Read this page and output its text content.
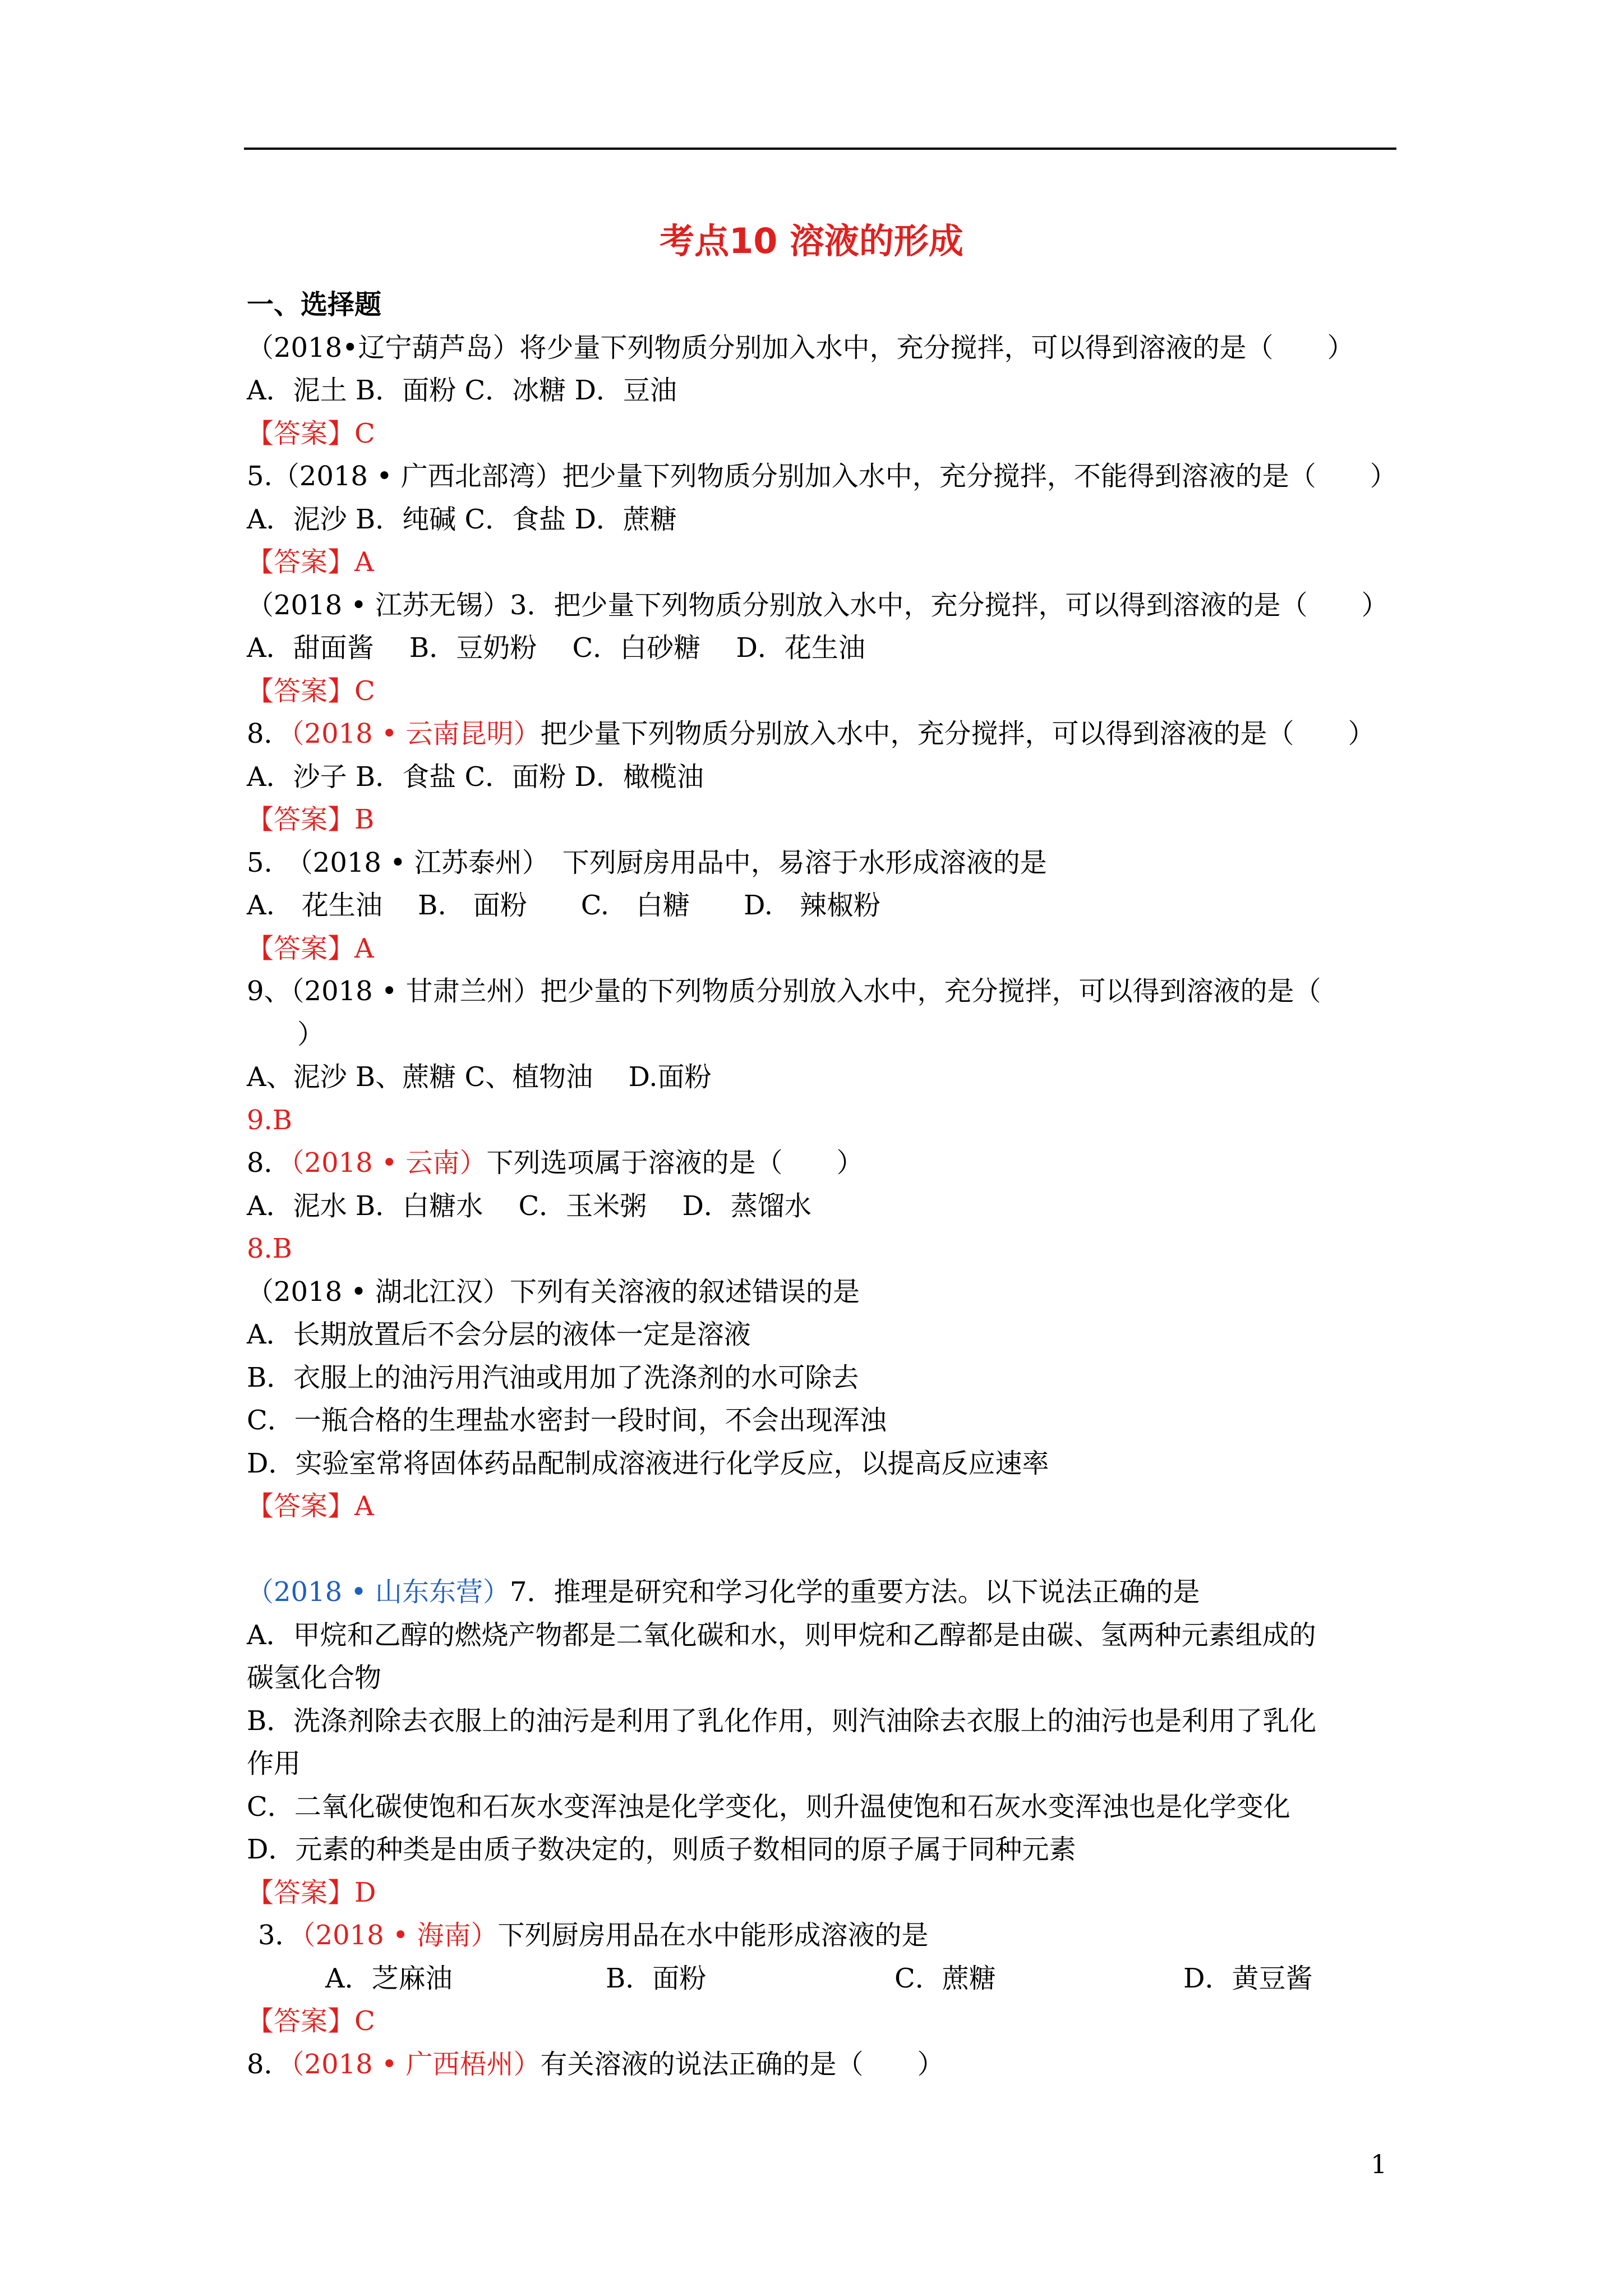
考点10 溶液的形成
一、选择题
（2018•辽宁葫芦岛）将少量下列物质分别加入水中，充分搅拌，可以得到溶液的是（　　）
A．泥土 B．面粉 C．冰糖 D．豆油
【答案】C
5.（2018 • 广西北部湾）把少量下列物质分别加入水中，充分搅拌，不能得到溶液的是（　　）
A．泥沙 B．纯碱 C．食盐 D．蔗糖
【答案】A
（2018 • 江苏无锡）3．把少量下列物质分别放入水中，充分搅拌，可以得到溶液的是（　　）
A．甜面酱　 B．豆奶粉　 C．白砂糖　 D．花生油
【答案】C
8．（2018 • 云南昆明）把少量下列物质分别放入水中，充分搅拌，可以得到溶液的是（　　）
A．沙子 B．食盐 C．面粉 D．橄榄油
【答案】B
5.　（2018 • 江苏泰州）　下列厨房用品中，易溶于水形成溶液的是
A.　花生油　 B.　面粉　　C.　白糖　　D.　辣椒粉
【答案】A
9、（2018 • 甘肃兰州）把少量的下列物质分别放入水中，充分搅拌，可以得到溶液的是（
）
A、泥沙 B、蔗糖 C、植物油　 D.面粉
9.B
8．（2018 • 云南）下列选项属于溶液的是（　　）
A．泥水 B．白糖水　 C．玉米粥　 D．蒸馏水
8.B
（2018 • 湖北江汉）下列有关溶液的叙述错误的是
A．长期放置后不会分层的液体一定是溶液
B．衣服上的油污用汽油或用加了洗涤剂的水可除去
C．一瓶合格的生理盐水密封一段时间，不会出现浑浊
D．实验室常将固体药品配制成溶液进行化学反应，以提高反应速率
【答案】A
（2018 • 山东东营）7．推理是研究和学习化学的重要方法。以下说法正确的是
A．甲烷和乙醇的燃烧产物都是二氧化碳和水，则甲烷和乙醇都是由碳、氢两种元素组成的
碳氢化合物
B．洗涤剂除去衣服上的油污是利用了乳化作用，则汽油除去衣服上的油污也是利用了乳化
作用
C．二氧化碳使饱和石灰水变浑浊是化学变化，则升温使饱和石灰水变浑浊也是化学变化
D．元素的种类是由质子数决定的，则质子数相同的原子属于同种元素
【答案】D
3．（2018 • 海南）下列厨房用品在水中能形成溶液的是
A．芝麻油	B．面粉	C．蔗糖	D．黄豆酱
【答案】C
8．（2018 • 广西梧州）有关溶液的说法正确的是（　　）
1
